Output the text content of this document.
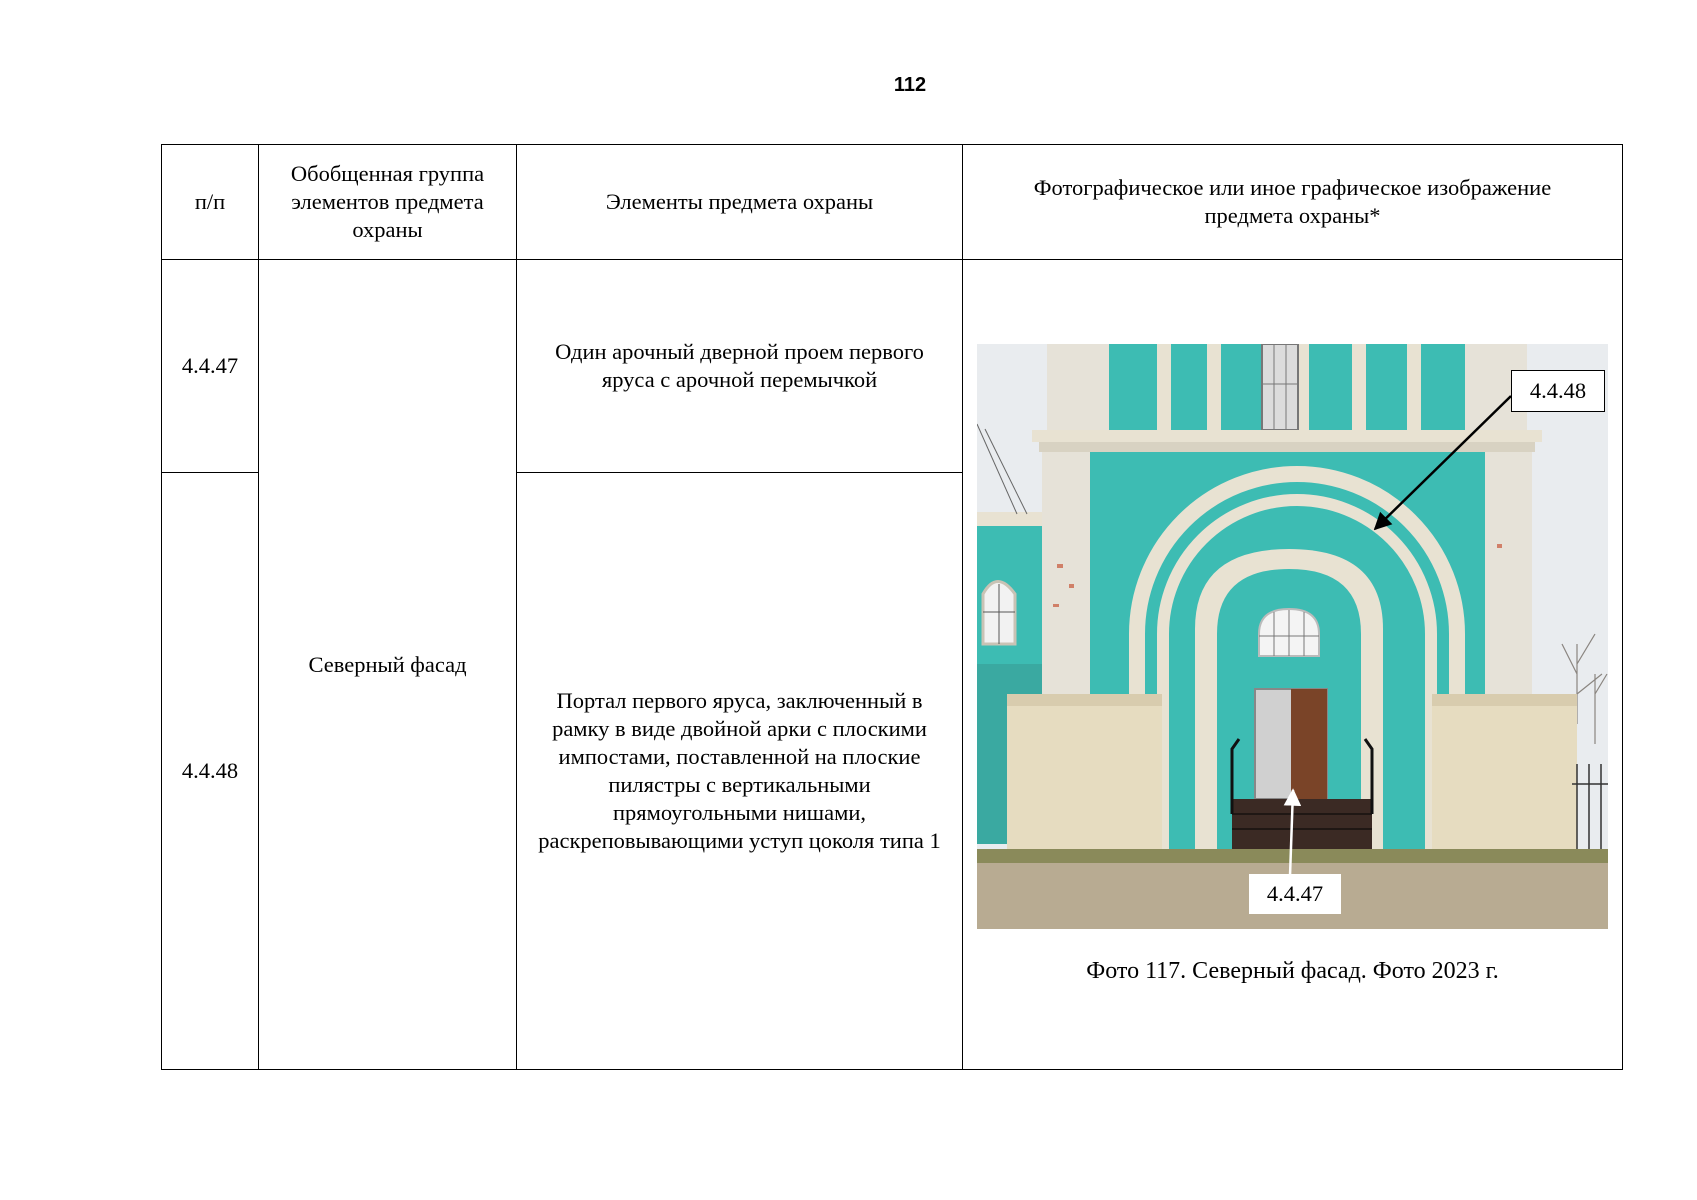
112
п/п	Обобщенная группа элементов предмета охраны	Элементы предмета охраны	Фотографическое или иное графическое изображение предмета охраны*
4.4.47	Северный фасад	Один арочный дверной проем первого яруса с арочной перемычкой	4.4.48
4.4.47
Фото 117. Северный фасад. Фото 2023 г.

4.4.48		Портал первого яруса, заключенный в рамку в виде двойной арки с плоскими импостами, поставленной на плоские пилястры с вертикальными прямоугольными нишами, раскреповывающими уступ цоколя типа 1	
